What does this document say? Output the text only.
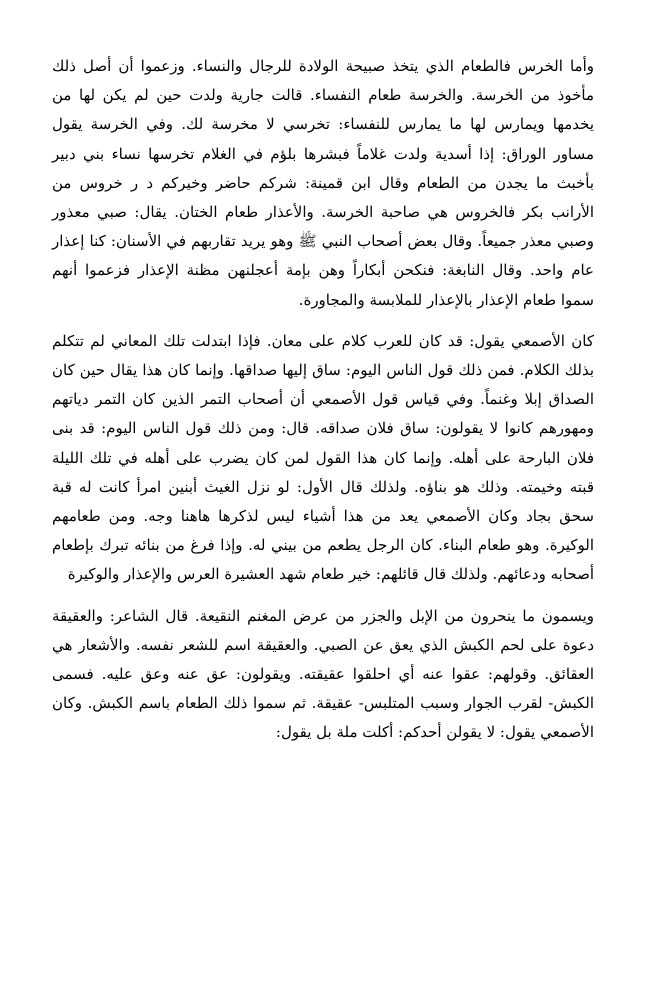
وأما الخرس فالطعام الذي يتخذ صبيحة الولادة للرجال والنساء. وزعموا أن أصل ذلك مأخوذ من الخرسة. والخرسة طعام النفساء. قالت جارية ولدت حين لم يكن لها من يخدمها ويمارس لها ما يمارس للنفساء: تخرسي لا مخرسة لك. وفي الخرسة يقول مساور الوراق: إذا أسدية ولدت غلاماً فبشرها بلؤم في الغلام تخرسها نساء بني دبير بأخبث ما يجدن من الطعام وقال ابن قمينة: شركم حاضر وخيركم د ر خروس من الأرانب بكر فالخروس هي صاحبة الخرسة. والأعذار طعام الختان. يقال: صبي معذور وصبي معذر جميعاً. وقال بعض أصحاب النبي ﷺ وهو يريد تقاربهم في الأسنان: كنا إعذار عام واحد. وقال النابغة: فنكحن أبكاراً وهن بإمة أعجلنهن مظنة الإعذار فزعموا أنهم سموا طعام الإعذار بالإعذار للملابسة والمجاورة.

كان الأصمعي يقول: قد كان للعرب كلام على معان. فإذا ابتدلت تلك المعاني لم تتكلم بذلك الكلام. فمن ذلك قول الناس اليوم: ساق إليها صداقها. وإنما كان هذا يقال حين كان الصداق إبلا وغنماً. وفي قياس قول الأصمعي أن أصحاب التمر الذين كان التمر دياتهم ومهورهم كانوا لا يقولون: ساق فلان صداقه. قال: ومن ذلك قول الناس اليوم: قد بنى فلان البارحة على أهله. وإنما كان هذا القول لمن كان يضرب على أهله في تلك الليلة قبته وخيمته. وذلك هو بناؤه. ولذلك قال الأول: لو نزل الغيث أبنين امرأ كانت له قبة سحق بجاد وكان الأصمعي يعد من هذا أشياء ليس لذكرها هاهنا وجه. ومن طعامهم الوكيرة. وهو طعام البناء. كان الرجل يطعم من بيني له. وإذا فرغ من بنائه تبرك بإطعام أصحابه ودعائهم. ولذلك قال قائلهم: خير طعام شهد العشيرة العرس والإعذار والوكيرة

ويسمون ما ينحرون من الإبل والجزر من عرض المغنم النقيعة. قال الشاعر: والعقيقة دعوة على لحم الكبش الذي يعق عن الصبي. والعقيقة اسم للشعر نفسه. والأشعار هي العقائق. وقولهم: عقوا عنه أي احلقوا عقيقته. ويقولون: عق عنه وعق عليه. فسمى الكبش- لقرب الجوار وسبب المتلبس- عقيقة. ثم سموا ذلك الطعام باسم الكبش. وكان الأصمعي يقول: لا يقولن أحدكم: أكلت ملة بل يقول:
